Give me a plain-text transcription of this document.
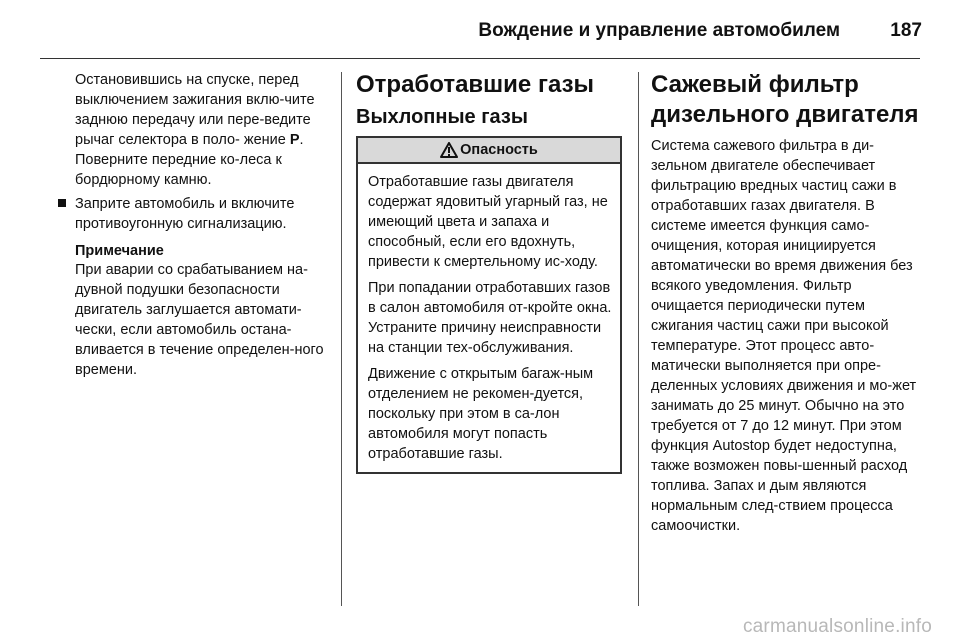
Вождение и управление автомобилем	187

Остановившись на спуске, перед выключением зажигания вклю-чите заднюю передачу или пере-ведите рычаг селектора в поло- жение P. Поверните передние ко-леса к бордюрному камню.

Заприте автомобиль и включите противоугонную сигнализацию.
Примечание

При аварии со срабатыванием на-дувной подушки безопасности двигатель заглушается автомати-чески, если автомобиль останa-вливается в течение определен-ного времени.

Отработавшие газы
Выхлопные газы
Опасность

Отработавшие газы двигателя содержат ядовитый угарный газ, не имеющий цвета и запаха и способный, если его вдохнуть, привести к смертельному ис-ходу.

При попадании отработавших газов в салон автомобиля от-кройте окна. Устраните причину неисправности на станции тех-обслуживания.

Движение с открытым багаж-ным отделением не рекомен-дуется, поскольку при этом в са-лон автомобиля могут попасть отработавшие газы.

Сажевый фильтр дизельного двигателя

Система сажевого фильтра в ди-зельном двигателе обеспечивает фильтрацию вредных частиц сажи в отработавших газах двигателя. В системе имеется функция само-очищения, которая инициируется автоматически во время движения без всякого уведомления. Фильтр очищается периодически путем сжигания частиц сажи при высокой температуре. Этот процесс авто-матически выполняется при опре-деленных условиях движения и мо-жет занимать до 25 минут. Обычно на это требуется от 7 до 12 минут. При этом функция Autostop будет недоступна, также возможен повы-шенный расход топлива. Запах и дым являются нормальным след-ствием процесса самоочистки.

carmanualsonline.info
